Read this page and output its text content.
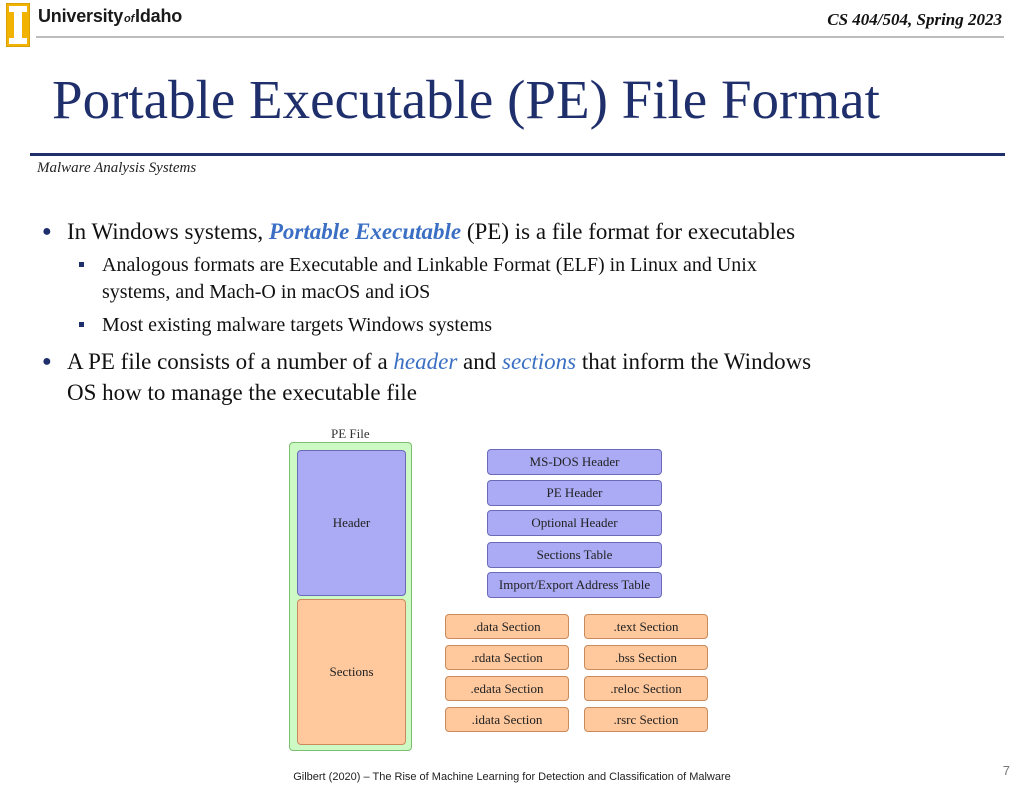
UniversityofIdaho	CS 404/504, Spring 2023
Portable Executable (PE) File Format
Malware Analysis Systems
● In Windows systems, Portable Executable (PE) is a file format for executables
Analogous formats are Executable and Linkable Format (ELF) in Linux and Unix
systems, and Mach-O in macOS and iOS
Most existing malware targets Windows systems
● A PE file consists of a number of a header and sections that inform the Windows
OS how to manage the executable file
PE File
Header
Sections
MS-DOS Header
PE Header
Optional Header
Sections Table
Import/Export Address Table
.data Section
.rdata Section
.edata Section
.idata Section
.text Section
.bss Section
.reloc Section
.rsrc Section
Gilbert (2020) – The Rise of Machine Learning for Detection and Classification of Malware	7
